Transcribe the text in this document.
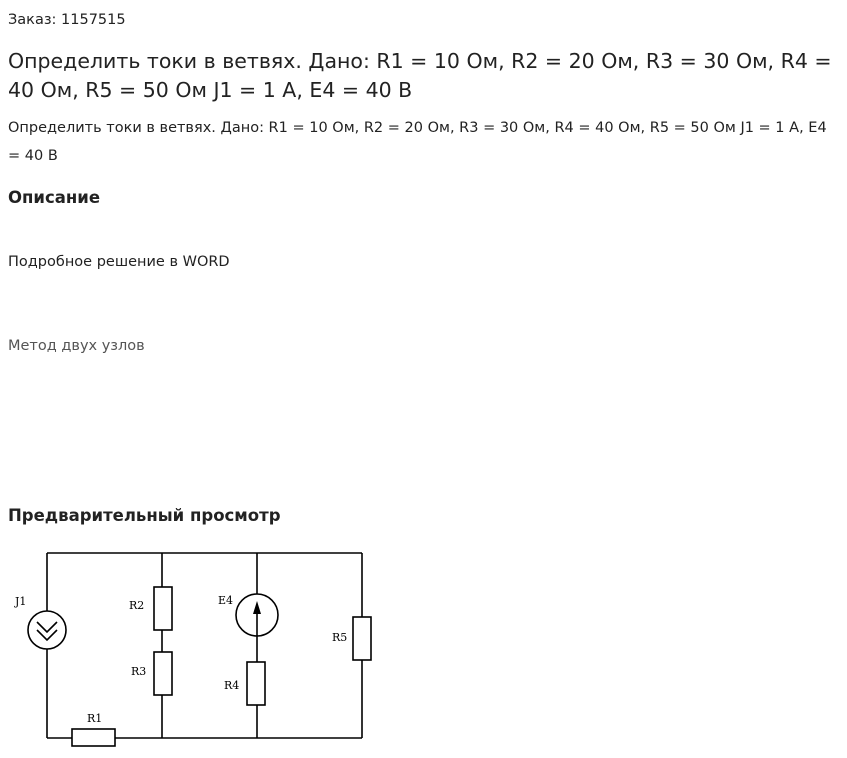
Заказ: 1157515

Определить токи в ветвях. Дано: R1 = 10 Ом, R2 = 20 Ом, R3 = 30 Ом, R4 = 40 Ом, R5 = 50 Ом J1 = 1 А, E4 = 40 В

Определить токи в ветвях. Дано: R1 = 10 Ом, R2 = 20 Ом, R3 = 30 Ом, R4 = 40 Ом, R5 = 50 Ом J1 = 1 А, E4 = 40 В

Описание

Подробное решение в WORD

Метод двух узлов

Предварительный просмотр
J1
R1
R2
R3
E4
R4
R5
